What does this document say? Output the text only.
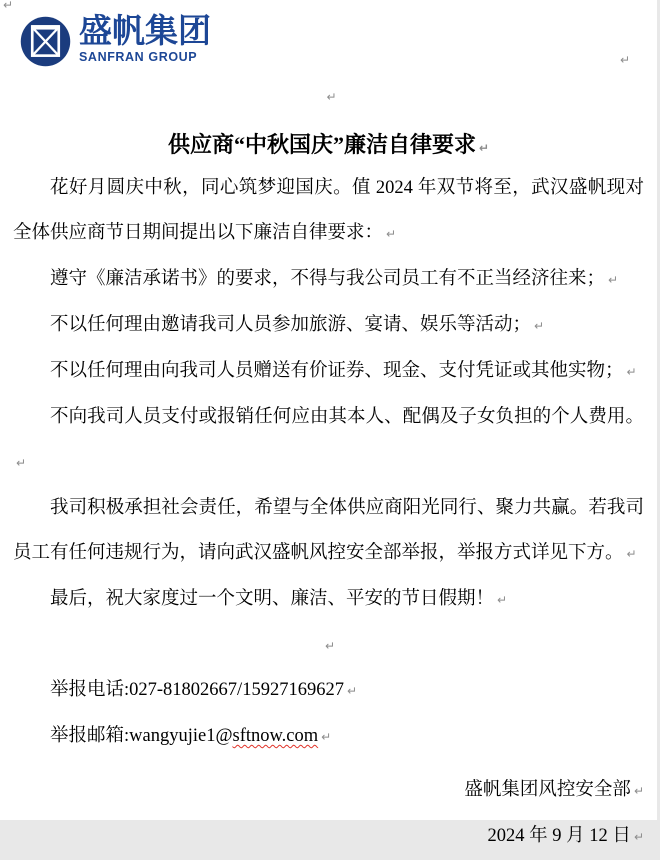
↵
↵
↵
盛帆集团
SANFRAN GROUP
供应商“中秋国庆”廉洁自律要求 ↵
花好月圆庆中秋，同心筑梦迎国庆。值 2024 年双节将至，武汉盛帆现对全体供应商节日期间提出以下廉洁自律要求： ↵
遵守《廉洁承诺书》的要求，不得与我公司员工有不正当经济往来； ↵
不以任何理由邀请我司人员参加旅游、宴请、娱乐等活动； ↵
不以任何理由向我司人员赠送有价证券、现金、支付凭证或其他实物； ↵
不向我司人员支付或报销任何应由其本人、配偶及子女负担的个人费用。↵
我司积极承担社会责任，希望与全体供应商阳光同行、聚力共赢。若我司员工有任何违规行为，请向武汉盛帆风控安全部举报，举报方式详见下方。 ↵
最后，祝大家度过一个文明、廉洁、平安的节日假期！ ↵
↵
举报电话:027-81802667/15927169627 ↵
举报邮箱:wangyujie1@sftnow.com ↵
盛帆集团风控安全部 ↵
2024 年 9 月 12 日 ↵
